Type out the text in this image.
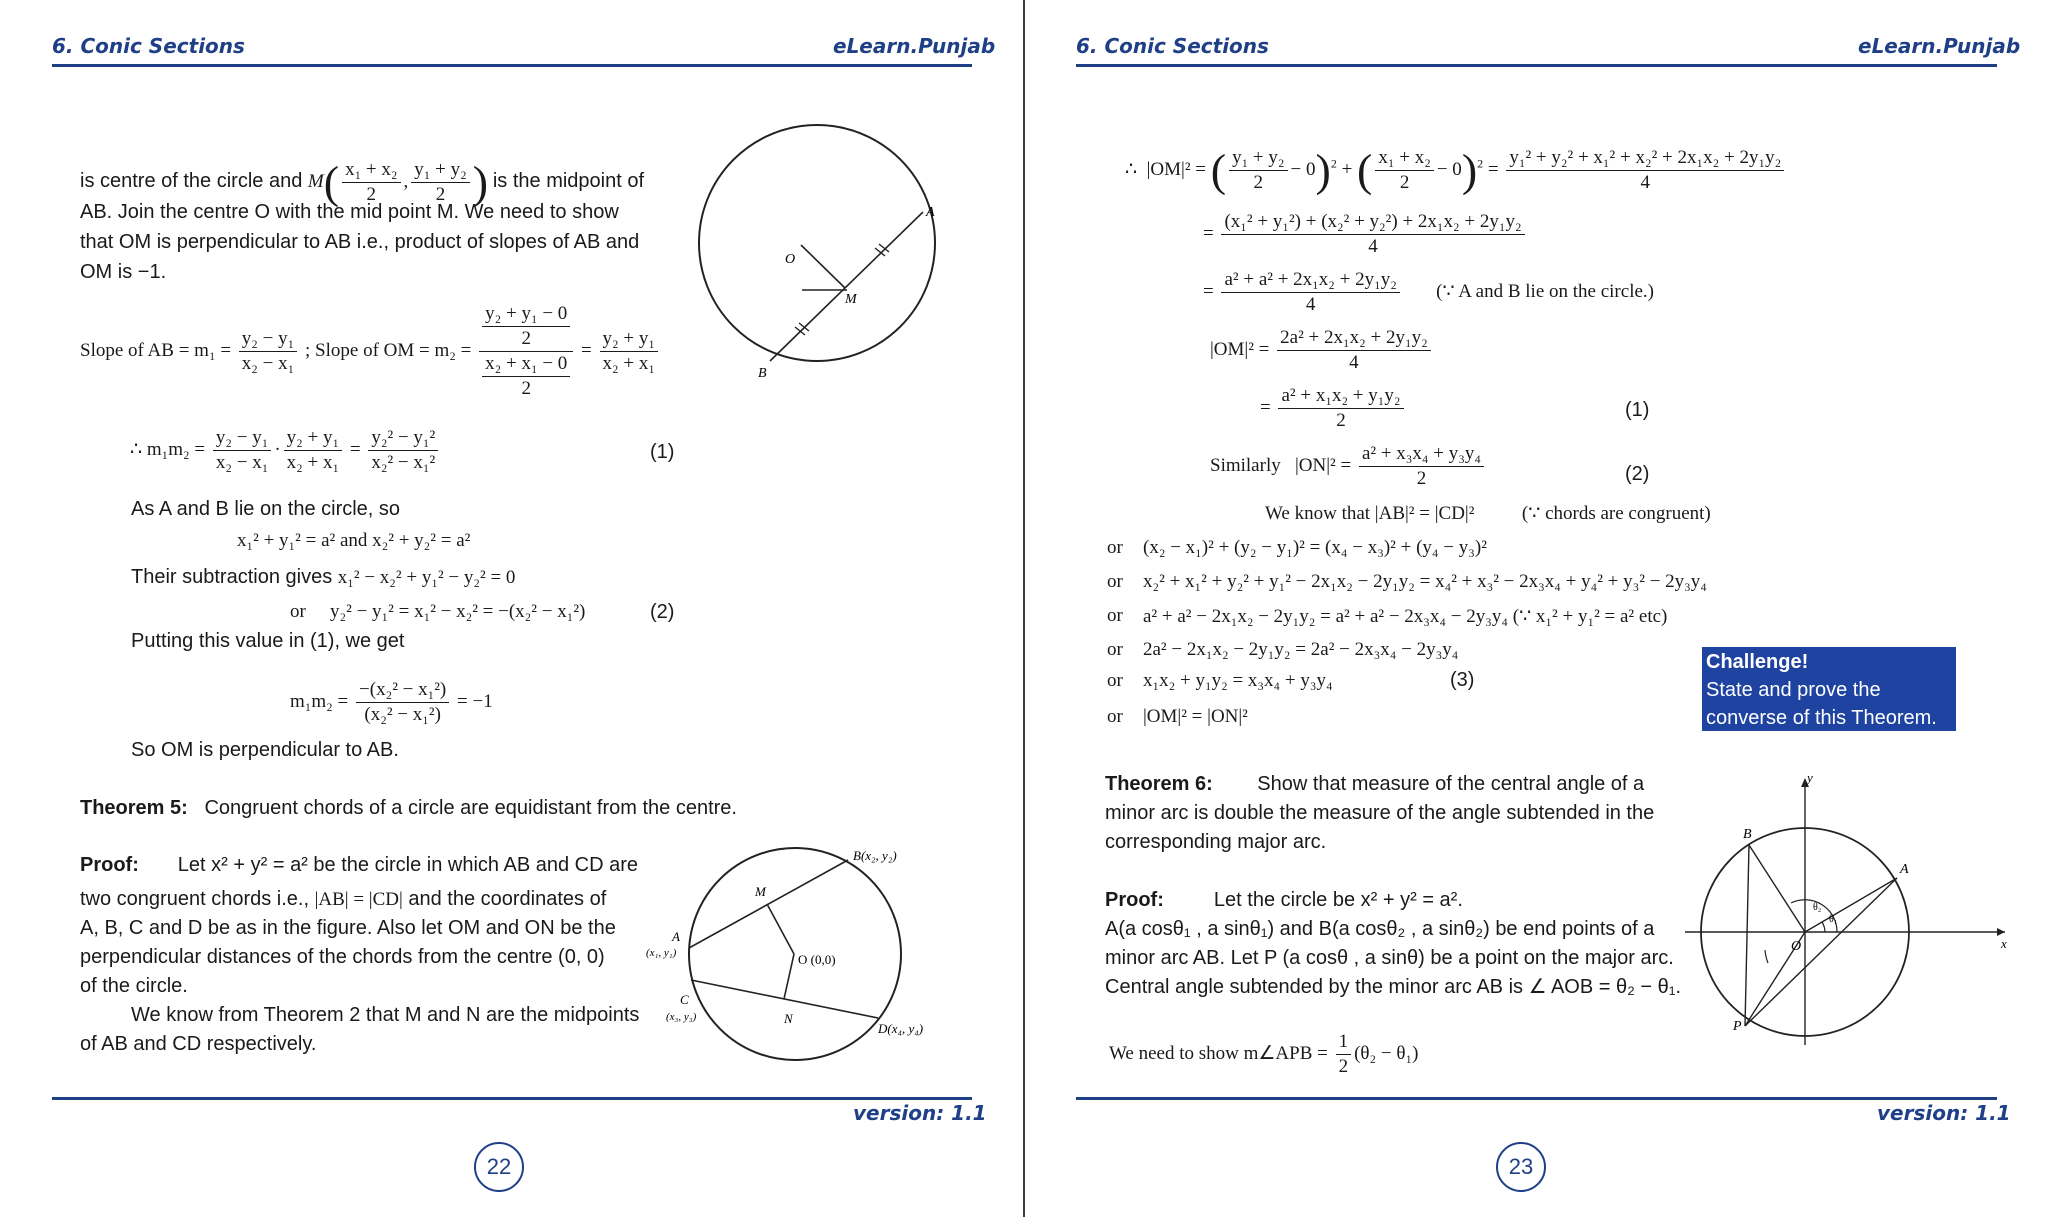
6. Conic Sections	eLearn.Punjab
is centre of the circle and $M( \frac{\text{x₁ + x₂}}{2}$ , $\frac{\text{y₁ + y₂}}{2}$ ) is the midpoint of
AB. Join the centre O with the mid point M. We need to show
that OM is perpendicular to AB i.e., product of slopes of AB and
OM is −1.
A
B
O
M
Slope of AB = $m_1 = \frac{\text{y₂ − y₁}}{\text{x₂ − x₁}}$ ; Slope of OM = $m_2 = \frac{\frac{\text{y₂ + y₁ − 0}}{2}}{\frac{\text{x₂ + x₁ − 0}}{2}} = \frac{\text{y₂ + y₁}}{\text{x₂ + x₁}}$
∴ $m_1m_2 = \frac{\text{y₂ − y₁}}{\text{x₂ − x₁}} \cdot \frac{\text{y₂ + y₁}}{\text{x₂ + x₁}} = \frac{\text{y₂² − y₁²}}{\text{x₂² − x₁²}}$	(1)
As A and B lie on the circle, so
x₁² + y₁² = a² and x₂² + y₂² = a²
Their subtraction gives x₁² − x₂² + y₁² − y₂² = 0
or y₂² − y₁² = x₁² − x₂² = −(x₂² − x₁²)	(2)
Putting this value in (1), we get
$m_1m_2 = \frac{\text{−(x₂² − x₁²)}}{\text{(x₂² − x₁²)}} = -1$
So OM is perpendicular to AB.
Theorem 5: Congruent chords of a circle are equidistant from the centre.
Proof: Let x² + y² = a² be the circle in which AB and CD are
two congruent chords i.e., |AB| = |CD| and the coordinates of
A, B, C and D be as in the figure. Also let OM and ON be the
perpendicular distances of the chords from the centre (0, 0)
of the circle.
We know from Theorem 2 that M and N are the midpoints
of AB and CD respectively.
B(x₂, y₂)
M
O (0,0)
A
(x₁, y₁)
C
(x₃, y₃)	N
D(x₄, y₄)
version: 1.1
22
6. Conic Sections	eLearn.Punjab
∴ |OM|² = ( $\frac{\text{y₁ + y₂}}{2} - 0)^2$ + ( $\frac{\text{x₁ + x₂}}{2} - 0)^2 = \frac{\text{y₁² + y₂² + x₁² + x₂² + 2x₁x₂ + 2y₁y₂}}{4}$
= $\frac{\text{(x₁² + y₁²) + (x₂² + y₂²) + 2x₁x₂ + 2y₁y₂}}{4}$
= $\frac{\text{a² + a² + 2x₁x₂ + 2y₁y₂}}{4}$ (∵ A and B lie on the circle.)
$|OM|^2 = \frac{\text{2a² + 2x₁x₂ + 2y₁y₂}}{4}$
= $\frac{\text{a² + x₁x₂ + y₁y₂}}{2}$	(1)
Similarly $|ON|^2 = \frac{\text{a² + x₃x₄ + y₃y₄}}{2}$	(2)
We know that |AB|² = |CD|²	(∵ chords are congruent)
or (x₂ − x₁)² + (y₂ − y₁)² = (x₄ − x₃)² + (y₄ − y₃)²
or x₂² + x₁² + y₂² + y₁² − 2x₁x₂ − 2y₁y₂ = x₄² + x₃² − 2x₃x₄ + y₄² + y₃² − 2y₃y₄
or a² + a² − 2x₁x₂ − 2y₁y₂ = a² + a² − 2x₃x₄ − 2y₃y₄ (∵ x₁² + y₁² = a² etc)
or 2a² − 2x₁x₂ − 2y₁y₂ = 2a² − 2x₃x₄ − 2y₃y₄
or x₁x₂ + y₁y₂ = x₃x₄ + y₃y₄	(3)
or |OM|² = |ON|²
Theorem 6: Show that measure of the central angle of a
minor arc is double the measure of the angle subtended in the
corresponding major arc.
Proof:	Let the circle be x² + y² = a².
A(a cosθ₁ , a sinθ₁) and B(a cosθ₂ , a sinθ₂) be end points of a
minor arc AB. Let P (a cosθ , a sinθ) be a point on the major arc.
Central angle subtended by the minor arc AB is ∠ AOB = θ₂ − θ₁.
We need to show m∠APB = $\frac{1}{2} (\theta_2 - \theta_1)$
B
A
O
P
y
x
θ₂
θ₁
version: 1.1
23
Challenge!
State and prove the
converse of this Theorem.
